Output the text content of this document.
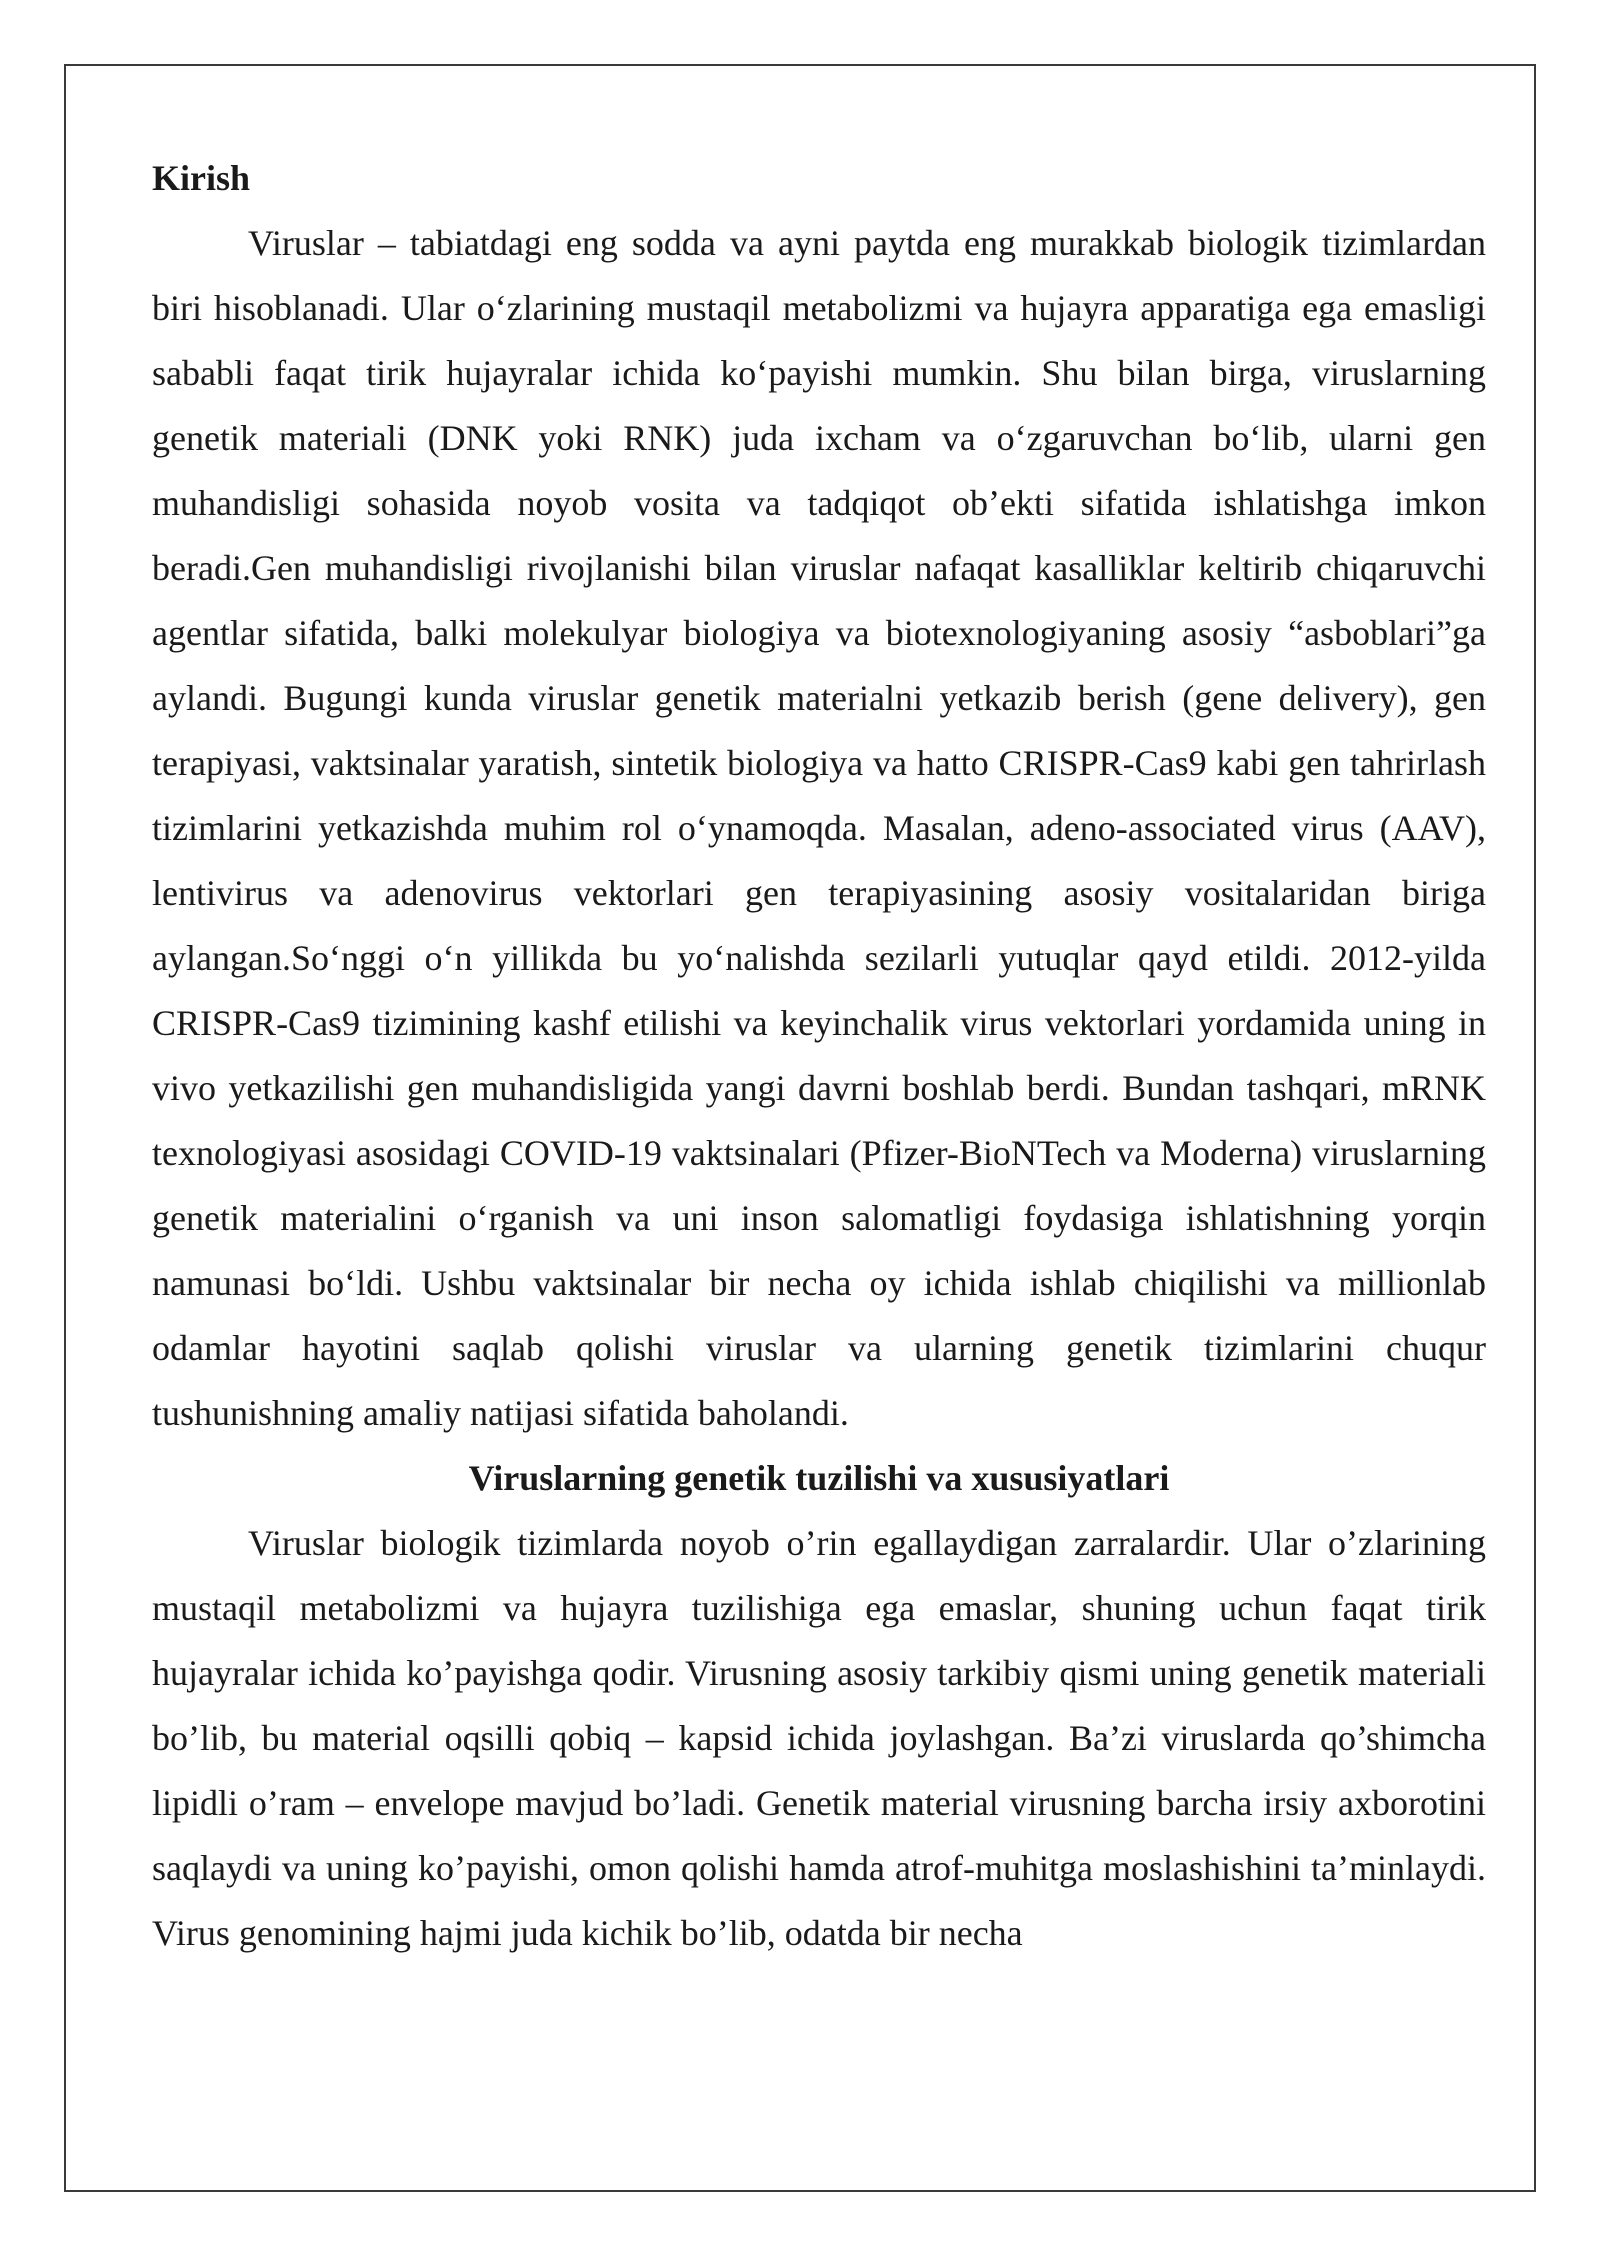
Kirish

Viruslar – tabiatdagi eng sodda va ayni paytda eng murakkab biologik tizimlardan biri hisoblanadi. Ular oʻzlarining mustaqil metabolizmi va hujayra apparatiga ega emasligi sababli faqat tirik hujayralar ichida koʻpayishi mumkin. Shu bilan birga, viruslarning genetik materiali (DNK yoki RNK) juda ixcham va oʻzgaruvchan boʻlib, ularni gen muhandisligi sohasida noyob vosita va tadqiqot obʼekti sifatida ishlatishga imkon beradi.Gen muhandisligi rivojlanishi bilan viruslar nafaqat kasalliklar keltirib chiqaruvchi agentlar sifatida, balki molekulyar biologiya va biotexnologiyaning asosiy “asboblari”ga aylandi. Bugungi kunda viruslar genetik materialni yetkazib berish (gene delivery), gen terapiyasi, vaktsinalar yaratish, sintetik biologiya va hatto CRISPR-Cas9 kabi gen tahrirlash tizimlarini yetkazishda muhim rol oʻynamoqda. Masalan, adeno-associated virus (AAV), lentivirus va adenovirus vektorlari gen terapiyasining asosiy vositalaridan biriga aylangan.Soʻnggi oʻn yillikda bu yoʻnalishda sezilarli yutuqlar qayd etildi. 2012-yilda CRISPR-Cas9 tizimining kashf etilishi va keyinchalik virus vektorlari yordamida uning in vivo yetkazilishi gen muhandisligida yangi davrni boshlab berdi. Bundan tashqari, mRNK texnologiyasi asosidagi COVID-19 vaktsinalari (Pfizer-BioNTech va Moderna) viruslarning genetik materialini oʻrganish va uni inson salomatligi foydasiga ishlatishning yorqin namunasi boʻldi. Ushbu vaktsinalar bir necha oy ichida ishlab chiqilishi va millionlab odamlar hayotini saqlab qolishi viruslar va ularning genetik tizimlarini chuqur tushunishning amaliy natijasi sifatida baholandi.

Viruslarning genetik tuzilishi va xususiyatlari

Viruslar biologik tizimlarda noyob o’rin egallaydigan zarralardir. Ular o’zlarining mustaqil metabolizmi va hujayra tuzilishiga ega emaslar, shuning uchun faqat tirik hujayralar ichida ko’payishga qodir. Virusning asosiy tarkibiy qismi uning genetik materiali bo’lib, bu material oqsilli qobiq – kapsid ichida joylashgan. Ba’zi viruslarda qo’shimcha lipidli o’ram – envelope mavjud bo’ladi. Genetik material virusning barcha irsiy axborotini saqlaydi va uning ko’payishi, omon qolishi hamda atrof-muhitga moslashishini ta’minlaydi. Virus genomining hajmi juda kichik bo’lib, odatda bir necha
